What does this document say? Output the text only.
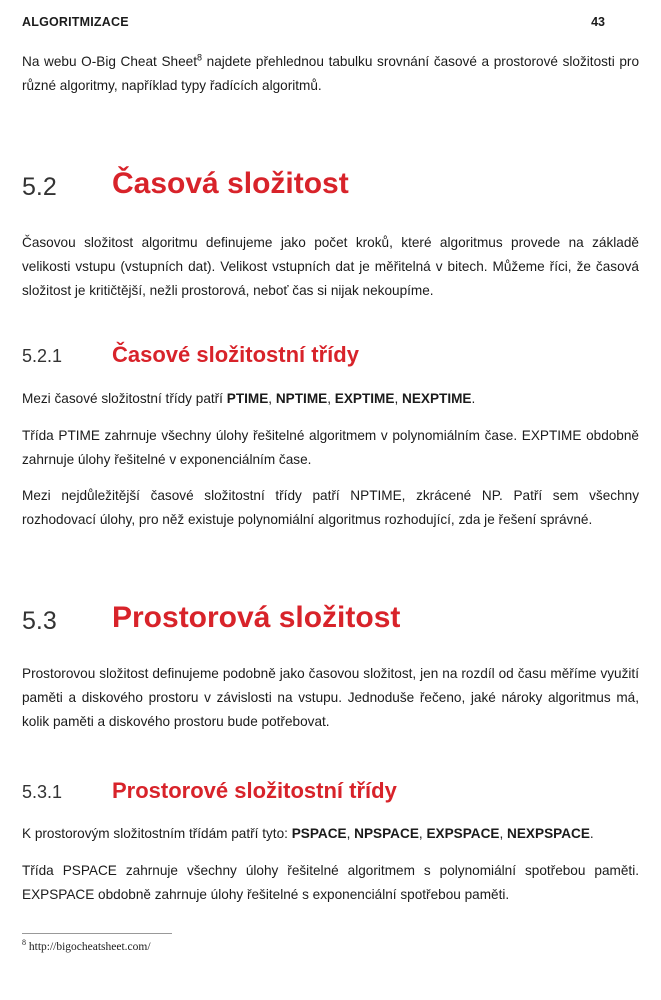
ALGORITMIZACE	43

Na webu O-Big Cheat Sheet$^8$ najdete přehlednou tabulku srovnání časové a prostorové složitosti pro různé algoritmy, například typy řadících algoritmů.

5.2 Časová složitost

Časovou složitost algoritmu definujeme jako počet kroků, které algoritmus provede na základě velikosti vstupu (vstupních dat). Velikost vstupních dat je měřitelná v bitech. Můžeme říci, že časová složitost je kritičtější, nežli prostorová, neboť čas si nijak nekoupíme.

5.2.1 Časové složitostní třídy

Mezi časové složitostní třídy patří PTIME, NPTIME, EXPTIME, NEXPTIME.

Třída PTIME zahrnuje všechny úlohy řešitelné algoritmem v polynomiálním čase. EXPTIME obdobně zahrnuje úlohy řešitelné v exponenciálním čase.

Mezi nejdůležitější časové složitostní třídy patří NPTIME, zkrácené NP. Patří sem všechny rozhodovací úlohy, pro něž existuje polynomiální algoritmus rozhodující, zda je řešení správné.

5.3 Prostorová složitost

Prostorovou složitost definujeme podobně jako časovou složitost, jen na rozdíl od času měříme využití paměti a diskového prostoru v závislosti na vstupu. Jednoduše řečeno, jaké nároky algoritmus má, kolik paměti a diskového prostoru bude potřebovat.

5.3.1 Prostorové složitostní třídy

K prostorovým složitostním třídám patří tyto: PSPACE, NPSPACE, EXPSPACE, NEXPSPACE.

Třída PSPACE zahrnuje všechny úlohy řešitelné algoritmem s polynomiální spotřebou paměti. EXPSPACE obdobně zahrnuje úlohy řešitelné s exponenciální spotřebou paměti.

$^8$ http://bigocheatsheet.com/
